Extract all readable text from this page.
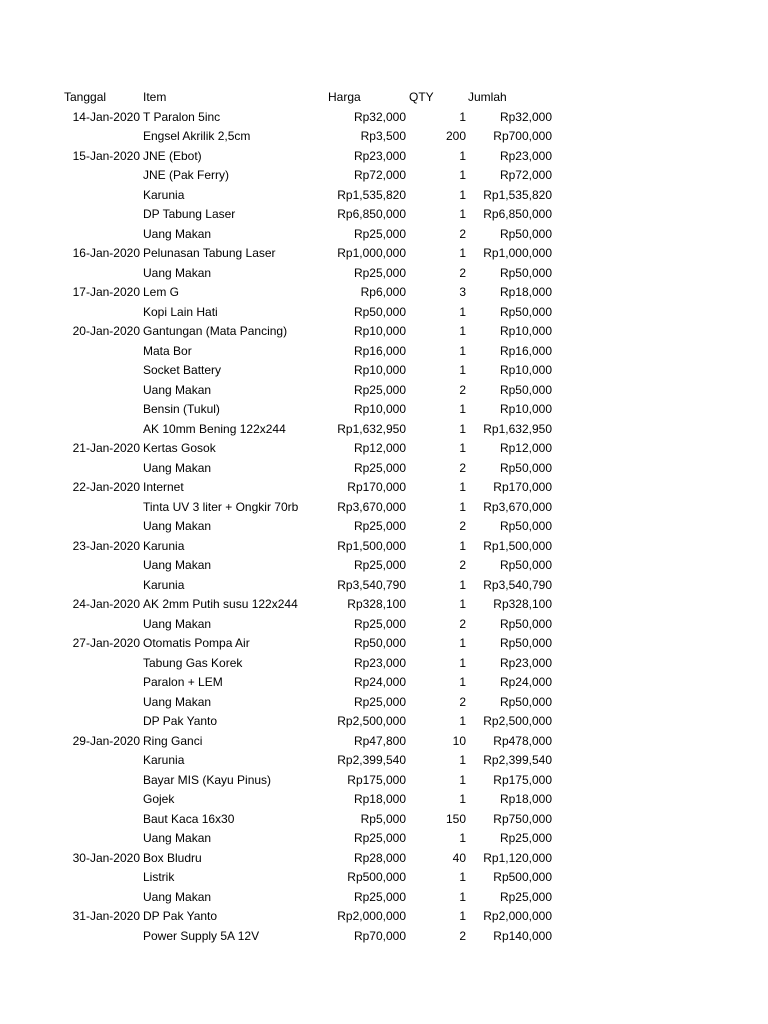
Tanggal	Item	Harga	QTY	Jumlah
14-Jan-2020 T Paralon 5inc	Rp32,000	1	Rp32,000
Engsel Akrilik 2,5cm	Rp3,500	200	Rp700,000
15-Jan-2020 JNE (Ebot)	Rp23,000	1	Rp23,000
JNE (Pak Ferry)	Rp72,000	1	Rp72,000
Karunia	Rp1,535,820	1	Rp1,535,820
DP Tabung Laser	Rp6,850,000	1	Rp6,850,000
Uang Makan	Rp25,000	2	Rp50,000
16-Jan-2020 Pelunasan Tabung Laser	Rp1,000,000	1	Rp1,000,000
Uang Makan	Rp25,000	2	Rp50,000
17-Jan-2020 Lem G	Rp6,000	3	Rp18,000
Kopi Lain Hati	Rp50,000	1	Rp50,000
20-Jan-2020 Gantungan (Mata Pancing)	Rp10,000	1	Rp10,000
Mata Bor	Rp16,000	1	Rp16,000
Socket Battery	Rp10,000	1	Rp10,000
Uang Makan	Rp25,000	2	Rp50,000
Bensin (Tukul)	Rp10,000	1	Rp10,000
AK 10mm Bening 122x244	Rp1,632,950	1	Rp1,632,950
21-Jan-2020 Kertas Gosok	Rp12,000	1	Rp12,000
Uang Makan	Rp25,000	2	Rp50,000
22-Jan-2020 Internet	Rp170,000	1	Rp170,000
Tinta UV 3 liter + Ongkir 70rb	Rp3,670,000	1	Rp3,670,000
Uang Makan	Rp25,000	2	Rp50,000
23-Jan-2020 Karunia	Rp1,500,000	1	Rp1,500,000
Uang Makan	Rp25,000	2	Rp50,000
Karunia	Rp3,540,790	1	Rp3,540,790
24-Jan-2020 AK 2mm Putih susu 122x244	Rp328,100	1	Rp328,100
Uang Makan	Rp25,000	2	Rp50,000
27-Jan-2020 Otomatis Pompa Air	Rp50,000	1	Rp50,000
Tabung Gas Korek	Rp23,000	1	Rp23,000
Paralon + LEM	Rp24,000	1	Rp24,000
Uang Makan	Rp25,000	2	Rp50,000
DP Pak Yanto	Rp2,500,000	1	Rp2,500,000
29-Jan-2020 Ring Ganci	Rp47,800	10	Rp478,000
Karunia	Rp2,399,540	1	Rp2,399,540
Bayar MIS (Kayu Pinus)	Rp175,000	1	Rp175,000
Gojek	Rp18,000	1	Rp18,000
Baut Kaca 16x30	Rp5,000	150	Rp750,000
Uang Makan	Rp25,000	1	Rp25,000
30-Jan-2020 Box Bludru	Rp28,000	40	Rp1,120,000
Listrik	Rp500,000	1	Rp500,000
Uang Makan	Rp25,000	1	Rp25,000
31-Jan-2020 DP Pak Yanto	Rp2,000,000	1	Rp2,000,000
Power Supply 5A 12V	Rp70,000	2	Rp140,000
